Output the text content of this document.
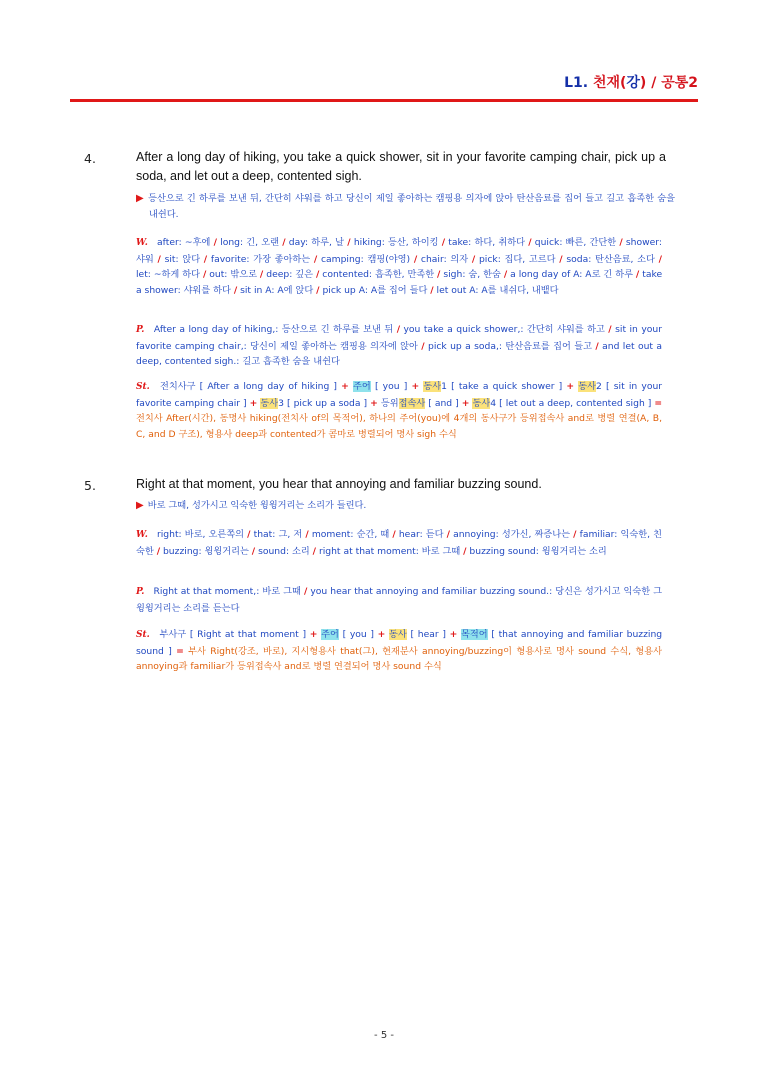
L1. 천재(강) / 공통2
4.	After a long day of hiking, you take a quick shower, sit in your favorite camping chair, pick up a soda, and let out a deep, contented sigh.
▶ 등산으로 긴 하루를 보낸 뒤, 간단히 샤워를 하고 당신이 제일 좋아하는 캠핑용 의자에 앉아 탄산음료를 집어 들고 길고 흡족한 숨을 내쉰다.
W. after: ~후에 / long: 긴, 오랜 / day: 하루, 날 / hiking: 등산, 하이킹 / take: 하다, 취하다 / quick: 빠른, 간단한 / shower: 샤워 / sit: 앉다 / favorite: 가장 좋아하는 / camping: 캠핑(야영) / chair: 의자 / pick: 집다, 고르다 / soda: 탄산음료, 소다 / let: ~하게 하다 / out: 밖으로 / deep: 깊은 / contented: 흡족한, 만족한 / sigh: 숨, 한숨 / a long day of A: A로 긴 하루 / take a shower: 샤워를 하다 / sit in A: A에 앉다 / pick up A: A를 집어 들다 / let out A: A를 내쉬다, 내뱉다
P. After a long day of hiking,: 등산으로 긴 하루를 보낸 뒤 / you take a quick shower,: 간단히 샤워를 하고 / sit in your favorite camping chair,: 당신이 제일 좋아하는 캠핑용 의자에 앉아 / pick up a soda,: 탄산음료를 집어 들고 / and let out a deep, contented sigh.: 길고 흡족한 숨을 내쉰다
St. 전치사구 [ After a long day of hiking ] + 주어 [ you ] + 동사1 [ take a quick shower ] + 동사2 [ sit in your favorite camping chair ] + 동사3 [ pick up a soda ] + 등위접속사 [ and ] + 동사4 [ let out a deep, contented sigh ] = 전치사 After(시간), 동명사 hiking(전치사 of의 목적어), 하나의 주어(you)에 4개의 동사구가 등위접속사 and로 병렬 연결(A, B, C, and D 구조), 형용사 deep과 contented가 콤마로 병렬되어 명사 sigh 수식
5.	Right at that moment, you hear that annoying and familiar buzzing sound.
▶ 바로 그때, 성가시고 익숙한 윙윙거리는 소리가 들린다.
W. right: 바로, 오른쪽의 / that: 그, 저 / moment: 순간, 때 / hear: 듣다 / annoying: 성가신, 짜증나는 / familiar: 익숙한, 친숙한 / buzzing: 윙윙거리는 / sound: 소리 / right at that moment: 바로 그때 / buzzing sound: 윙윙거리는 소리
P. Right at that moment,: 바로 그때 / you hear that annoying and familiar buzzing sound.: 당신은 성가시고 익숙한 그 윙윙거리는 소리를 듣는다
St. 부사구 [ Right at that moment ] + 주어 [ you ] + 동사 [ hear ] + 목적어 [ that annoying and familiar buzzing sound ] = 부사 Right(강조, 바로), 지시형용사 that(그), 현재분사 annoying/buzzing이 형용사로 명사 sound 수식, 형용사 annoying과 familiar가 등위접속사 and로 병렬 연결되어 명사 sound 수식
- 5 -
